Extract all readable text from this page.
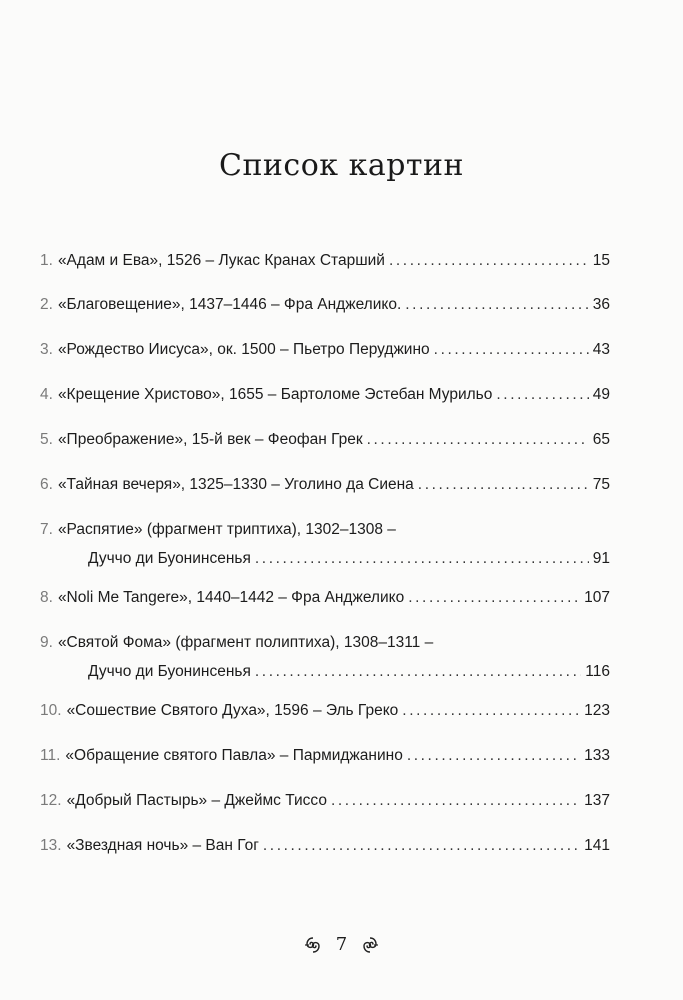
Список картин
1. «Адам и Ева», 1526 – Лукас Кранах Старший .....	15
2. «Благовещение», 1437–1446 – Фра Анджелико. .....	36
3. «Рождество Иисуса», ок. 1500 – Пьетро Перуджино .....	43
4. «Крещение Христово», 1655 – Бартоломе Эстебан Мурильо .....	49
5. «Преображение», 15-й век – Феофан Грек .....	65
6. «Тайная вечеря», 1325–1330 – Уголино да Сиена .....	75
7. «Распятие» (фрагмент триптиха), 1302–1308 –
Дуччо ди Буонинсенья .....	91
8. «Noli Me Tangere», 1440–1442 – Фра Анджелико .....	107
9. «Святой Фома» (фрагмент полиптиха), 1308–1311 –
Дуччо ди Буонинсенья .....	116
10. «Сошествие Святого Духа», 1596 – Эль Греко .....	123
11. «Обращение святого Павла» – Пармиджанино .....	133
12. «Добрый Пастырь» – Джеймс Тиссо .....	137
13. «Звездная ночь» – Ван Гог .....	141
7
